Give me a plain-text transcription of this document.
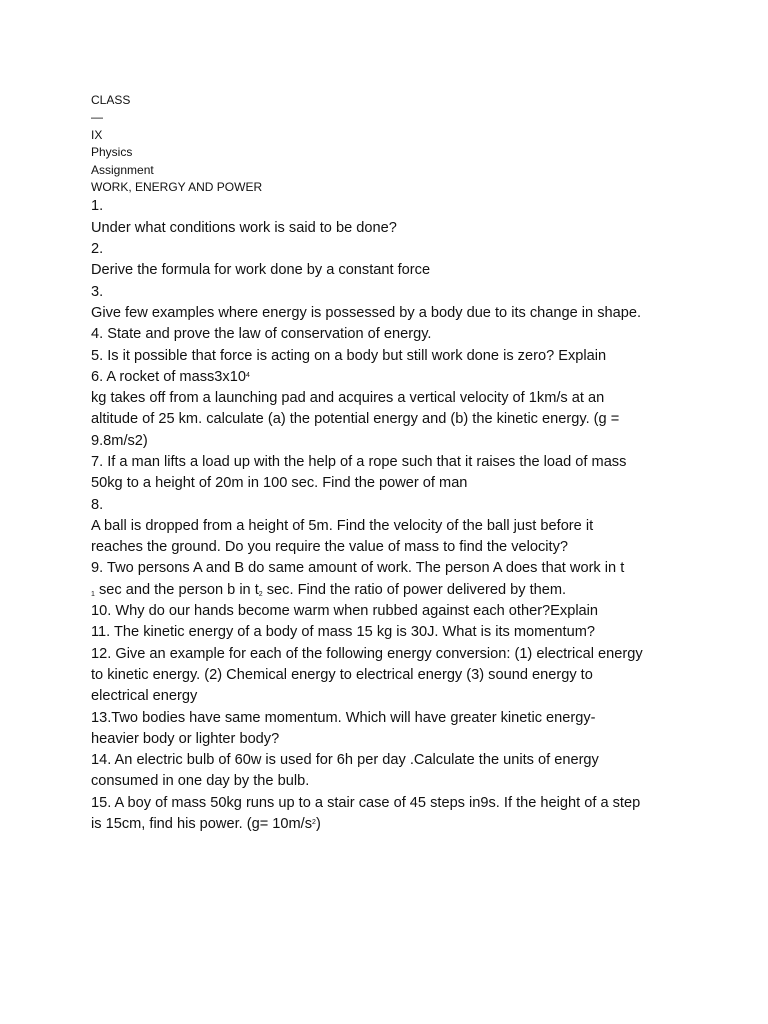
CLASS
—
IX
Physics
Assignment
WORK, ENERGY AND POWER
1.
Under what conditions work is said to be done?
2.
Derive the formula for work done by a constant force
3.
Give few examples where energy is possessed by a body due to its change in shape.
4. State and prove the law of conservation of energy.
5. Is it possible that force is acting on a body but still work done is zero? Explain
6. A rocket of $mass3x10^4$
kg takes off from a launching pad and acquires a vertical velocity of 1km/s at an
altitude of 25 km. calculate (a) the potential energy and (b) the kinetic energy. (g =
9.8m/s2)
7. If a man lifts a load up with the help of a rope such that it raises the load of mass
50kg to a height of 20m in 100 sec. Find the power of man
8.
A ball is dropped from a height of 5m. Find the velocity of the ball just before it
reaches the ground. Do you require the value of mass to find the velocity?
9. Two persons A and B do same amount of work. The person A does that work in t
$_1$ sec and the person b in $t_2$ sec. Find the ratio of power delivered by them.
10. Why do our hands become warm when rubbed against each other?Explain
11. The kinetic energy of a body of mass 15 kg is 30J. What is its momentum?
12. Give an example for each of the following energy conversion: (1) electrical energy
to kinetic energy. (2) Chemical energy to electrical energy (3) sound energy to
electrical energy
13.Two bodies have same momentum. Which will have greater kinetic energy-
heavier body or lighter body?
14. An electric bulb of 60w is used for 6h per day .Calculate the units of energy
consumed in one day by the bulb.
15. A boy of mass 50kg runs up to a stair case of 45 steps in9s. If the height of a step
is 15cm, find his power. $(g= 10m/s^2)$
